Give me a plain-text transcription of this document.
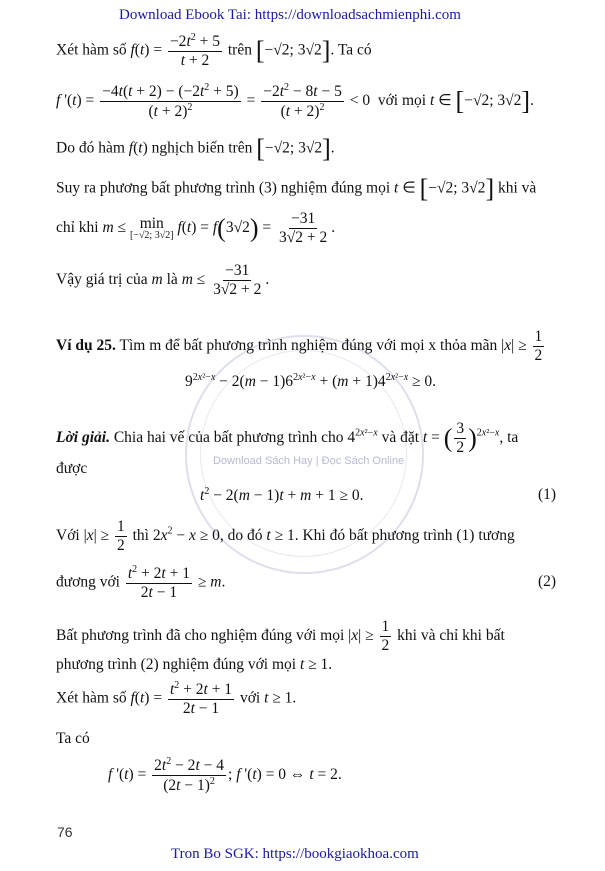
Download Sách Hay | Đọc Sách Online
Download Ebook Tai: https://downloadsachmienphi.com
Xét hàm số $f(t) = \frac{-2t^2 + 5}{t + 2}$ trên [−√2; 3√2]. Ta có
f '$(t) = \frac{-4t(t + 2) - (-2t^2 + 5)}{(t + 2)^2} = \frac{-2t^2 - 8t - 5}{(t + 2)^2} < 0$  với mọi t ∈ [−√2; 3√2].
Do đó hàm f(t) nghịch biến trên [−√2; 3√2].
Suy ra phương bất phương trình (3) nghiệm đúng mọi t ∈ [−√2; 3√2] khi và
chỉ khi m ≤ min
[−√2; 3√2] $f(t) = f(3√2) = \frac{-31}{3√2 + 2}$ .
Vậy giá trị của m là $m \le \frac{-31}{3√2 + 2}$ .
Ví dụ 25. Tìm m để bất phương trình nghiệm đúng với mọi x thỏa mãn $|x| \ge \frac{1}{2}$
$9^{2x^2-x} - 2(m - 1)6^{2x^2-x} + (m + 1)4^{2x^2-x} \ge 0$.
Lời giải. Chia hai vế của bất phương trình cho $4^{2x^2-x}$ và đặt t = ( $\frac{3}{2} )^{2x^2-x}$, ta
được
$t^2 - 2(m - 1)t + m + 1 \ge 0$.	(1)
Với $|x| \ge \frac{1}{2}$ thì $2x^2 - x \ge 0$, do đó t ≥ 1. Khi đó bất phương trình (1) tương
đương với $\frac{t^2 + 2t + 1}{2t - 1} \ge m$.	(2)
Bất phương trình đã cho nghiệm đúng với mọi $|x| \ge \frac{1}{2}$ khi và chỉ khi bất
phương trình (2) nghiệm đúng với mọi t ≥ 1.
Xét hàm số $f(t) = \frac{t^2 + 2t + 1}{2t - 1}$ với t ≥ 1.
Ta có
f '$(t) = \frac{2t^2 - 2t - 4}{(2t - 1)^2}$ ; f '(t) = 0 ⇔ t = 2.
76
Tron Bo SGK: https://bookgiaokhoa.com
